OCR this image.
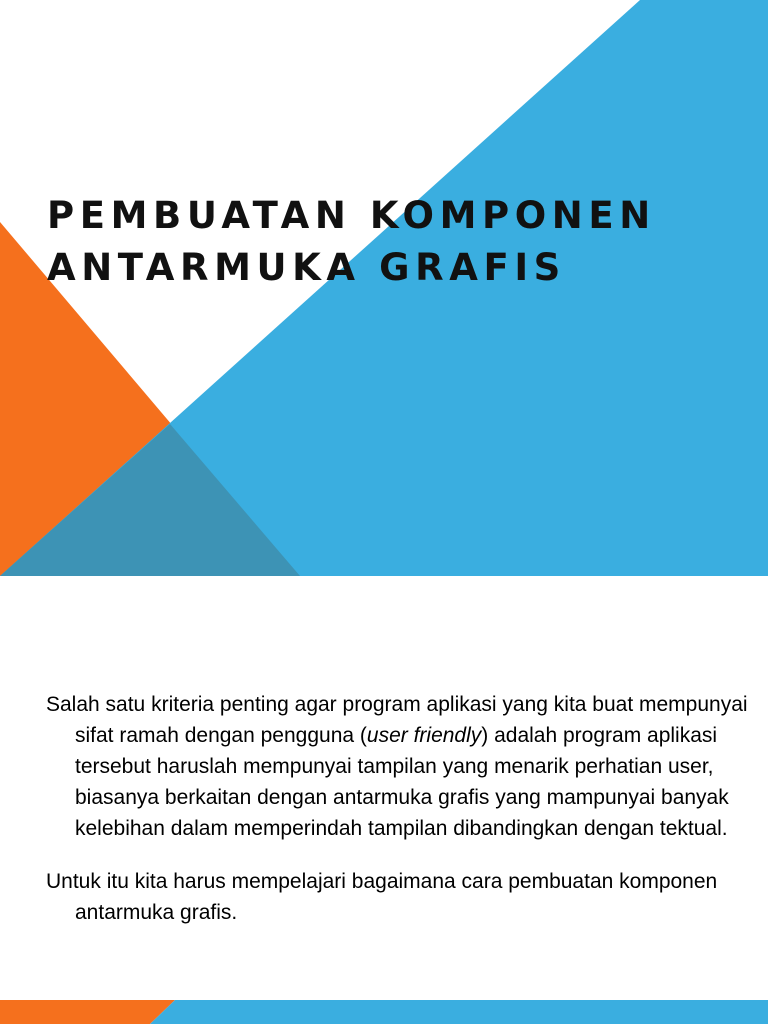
PEMBUATAN KOMPONEN
ANTARMUKA GRAFIS

Salah satu kriteria penting agar program aplikasi yang kita buat mempunyai sifat ramah dengan pengguna (user friendly) adalah program aplikasi tersebut haruslah mempunyai tampilan yang menarik perhatian user, biasanya berkaitan dengan antarmuka grafis yang mampunyai banyak kelebihan dalam memperindah tampilan dibandingkan dengan tektual.

Untuk itu kita harus mempelajari bagaimana cara pembuatan komponen antarmuka grafis.
